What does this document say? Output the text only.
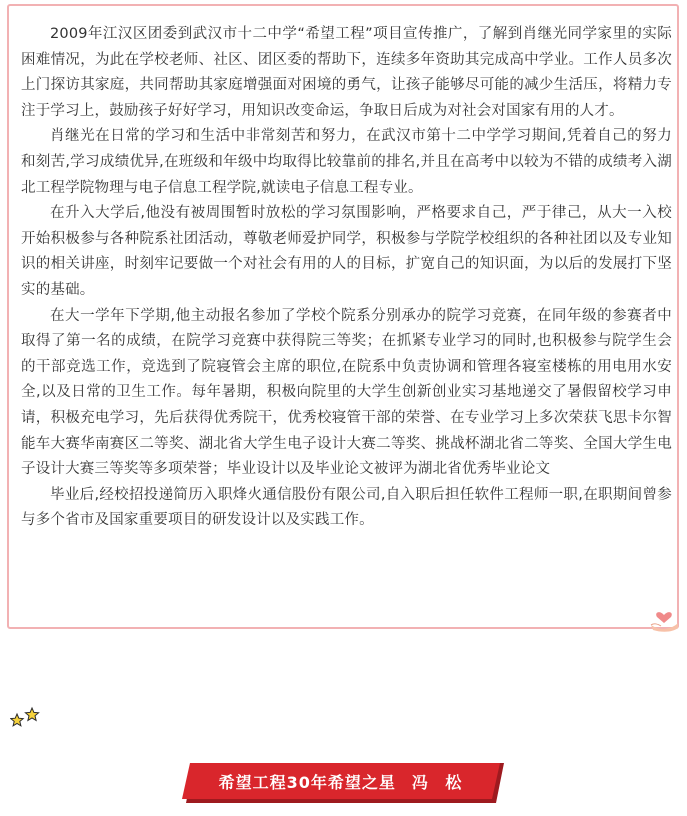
2009年江汉区团委到武汉市十二中学“希望工程”项目宣传推广，了解到肖继光同学家里的实际困难情况，为此在学校老师、社区、团区委的帮助下，连续多年资助其完成高中学业。工作人员多次上门探访其家庭，共同帮助其家庭增强面对困境的勇气，让孩子能够尽可能的减少生活压，将精力专注于学习上，鼓励孩子好好学习，用知识改变命运，争取日后成为对社会对国家有用的人才。

肖继光在日常的学习和生活中非常刻苦和努力，在武汉市第十二中学学习期间,凭着自己的努力和刻苦,学习成绩优异,在班级和年级中均取得比较靠前的排名,并且在高考中以较为不错的成绩考入湖北工程学院物理与电子信息工程学院,就读电子信息工程专业。

在升入大学后,他没有被周围暂时放松的学习氛围影响，严格要求自己，严于律己，从大一入校开始积极参与各种院系社团活动，尊敬老师爱护同学，积极参与学院学校组织的各种社团以及专业知识的相关讲座，时刻牢记要做一个对社会有用的人的目标，扩宽自己的知识面，为以后的发展打下坚实的基础。

在大一学年下学期,他主动报名参加了学校个院系分别承办的院学习竞赛，在同年级的参赛者中取得了第一名的成绩，在院学习竞赛中获得院三等奖；在抓紧专业学习的同时,也积极参与院学生会的干部竞选工作，竞选到了院寝管会主席的职位,在院系中负责协调和管理各寝室楼栋的用电用水安全,以及日常的卫生工作。每年暑期，积极向院里的大学生创新创业实习基地递交了暑假留校学习申请，积极充电学习，先后获得优秀院干，优秀校寝管干部的荣誉、在专业学习上多次荣获飞思卡尔智能车大赛华南赛区二等奖、湖北省大学生电子设计大赛二等奖、挑战杯湖北省二等奖、全国大学生电子设计大赛三等奖等多项荣誉；毕业设计以及毕业论文被评为湖北省优秀毕业论文

毕业后,经校招投递简历入职烽火通信股份有限公司,自入职后担任软件工程师一职,在职期间曾参与多个省市及国家重要项目的研发设计以及实践工作。

希望工程30年希望之星 冯 松
